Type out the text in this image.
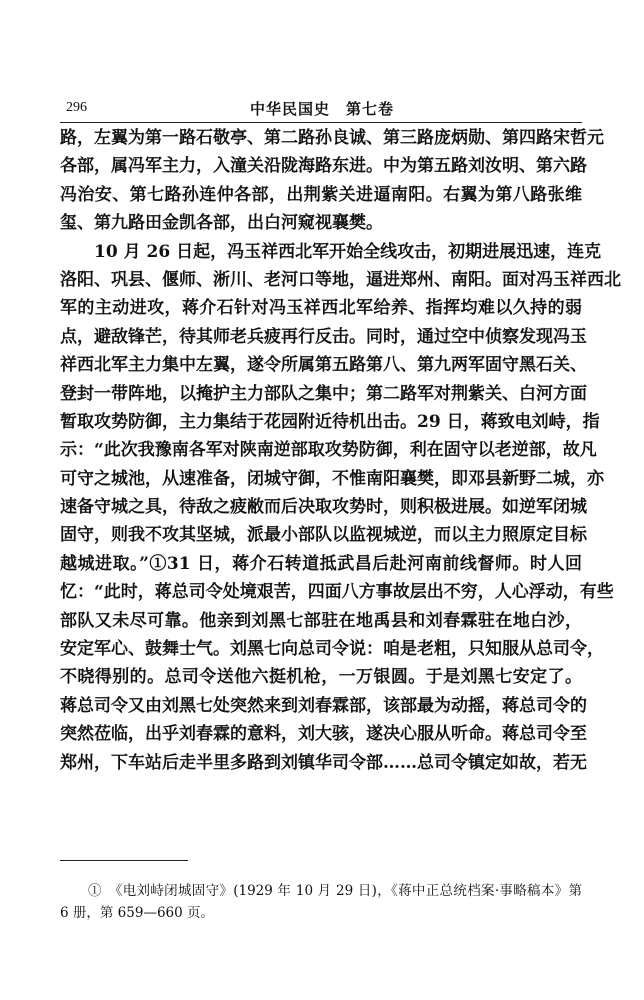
296	中华民国史　第七卷
路，左翼为第一路石敬亭、第二路孙良诚、第三路庞炳勋、第四路宋哲元
各部，属冯军主力，入潼关沿陇海路东进。中为第五路刘汝明、第六路
冯治安、第七路孙连仲各部，出荆紫关进逼南阳。右翼为第八路张维
玺、第九路田金凯各部，出白河窥视襄樊。
10 月 26 日起，冯玉祥西北军开始全线攻击，初期进展迅速，连克
洛阳、巩县、偃师、淅川、老河口等地，逼进郑州、南阳。面对冯玉祥西北
军的主动进攻，蒋介石针对冯玉祥西北军给养、指挥均难以久持的弱
点，避敌锋芒，待其师老兵疲再行反击。同时，通过空中侦察发现冯玉
祥西北军主力集中左翼，遂令所属第五路第八、第九两军固守黑石关、
登封一带阵地，以掩护主力部队之集中；第二路军对荆紫关、白河方面
暂取攻势防御，主力集结于花园附近待机出击。29 日，蒋致电刘峙，指
示：“此次我豫南各军对陕南逆部取攻势防御，利在固守以老逆部，故凡
可守之城池，从速准备，闭城守御，不惟南阳襄樊，即邓县新野二城，亦
速备守城之具，待敌之疲敝而后决取攻势时，则积极进展。如逆军闭城
固守，则我不攻其坚城，派最小部队以监视城逆，而以主力照原定目标
越城进取。”①31 日，蒋介石转道抵武昌后赴河南前线督师。时人回
忆：“此时，蒋总司令处境艰苦，四面八方事故层出不穷，人心浮动，有些
部队又未尽可靠。他亲到刘黑七部驻在地禹县和刘春霖驻在地白沙，
安定军心、鼓舞士气。刘黑七向总司令说：咱是老粗，只知服从总司令，
不晓得别的。总司令送他六挺机枪，一万银圆。于是刘黑七安定了。
蒋总司令又由刘黑七处突然来到刘春霖部，该部最为动摇，蒋总司令的
突然莅临，出乎刘春霖的意料，刘大骇，遂决心服从听命。蒋总司令至
郑州，下车站后走半里多路到刘镇华司令部……总司令镇定如故，若无
①　《电刘峙闭城固守》(1929 年 10 月 29 日)，《蒋中正总统档案·事略稿本》第
6 册，第 659—660 页。
